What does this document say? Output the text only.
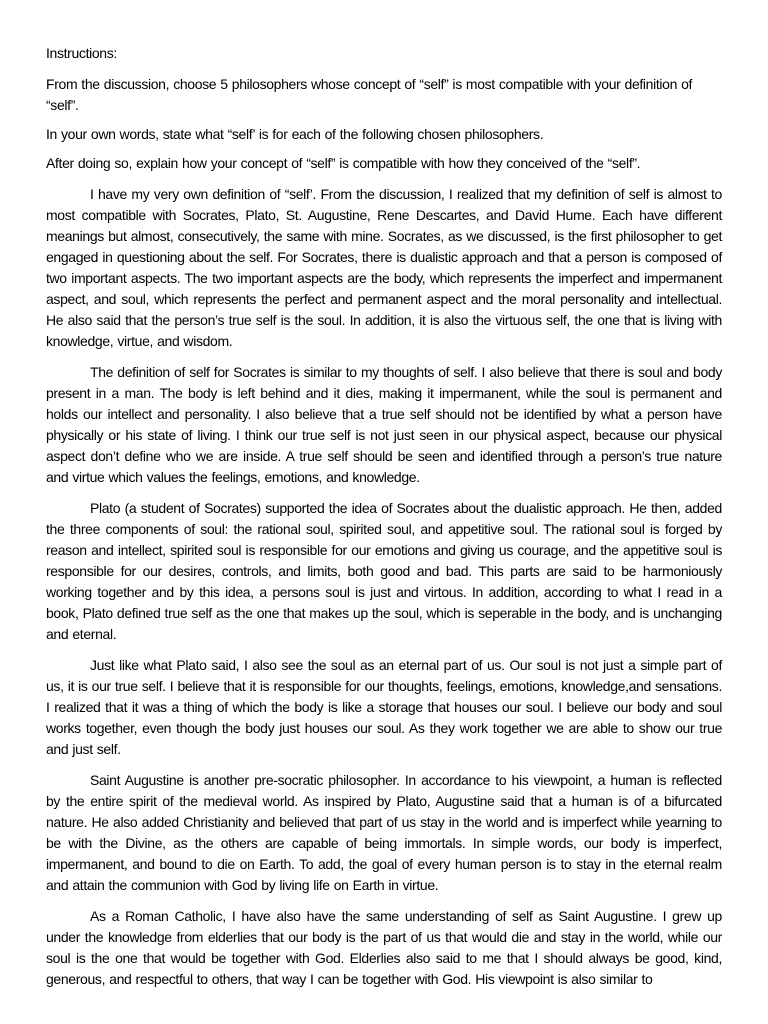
Instructions:

From the discussion, choose 5 philosophers whose concept of “self” is most compatible with your definition of “self”.

In your own words, state what “self’ is for each of the following chosen philosophers.

After doing so, explain how your concept of “self” is compatible with how they conceived of the “self”.

I have my very own definition of “self’. From the discussion, I realized that my definition of self is almost to most compatible with Socrates, Plato, St. Augustine, Rene Descartes, and David Hume. Each have different meanings but almost, consecutively, the same with mine. Socrates, as we discussed, is the first philosopher to get engaged in questioning about the self. For Socrates, there is dualistic approach and that a person is composed of two important aspects. The two important aspects are the body, which represents the imperfect and impermanent aspect, and soul, which represents the perfect and permanent aspect and the moral personality and intellectual. He also said that the person’s true self is the soul. In addition, it is also the virtuous self, the one that is living with knowledge, virtue, and wisdom.

The definition of self for Socrates is similar to my thoughts of self. I also believe that there is soul and body present in a man. The body is left behind and it dies, making it impermanent, while the soul is permanent and holds our intellect and personality. I also believe that a true self should not be identified by what a person have physically or his state of living. I think our true self is not just seen in our physical aspect, because our physical aspect don’t define who we are inside. A true self should be seen and identified through a person’s true nature and virtue which values the feelings, emotions, and knowledge.

Plato (a student of Socrates) supported the idea of Socrates about the dualistic approach. He then, added the three components of soul: the rational soul, spirited soul, and appetitive soul. The rational soul is forged by reason and intellect, spirited soul is responsible for our emotions and giving us courage, and the appetitive soul is responsible for our desires, controls, and limits, both good and bad. This parts are said to be harmoniously working together and by this idea, a persons soul is just and virtous. In addition, according to what I read in a book, Plato defined true self as the one that makes up the soul, which is seperable in the body, and is unchanging and eternal.

Just like what Plato said, I also see the soul as an eternal part of us. Our soul is not just a simple part of us, it is our true self. I believe that it is responsible for our thoughts, feelings, emotions, knowledge,and sensations. I realized that it was a thing of which the body is like a storage that houses our soul. I believe our body and soul works together, even though the body just houses our soul. As they work together we are able to show our true and just self.

Saint Augustine is another pre-socratic philosopher. In accordance to his viewpoint, a human is reflected by the entire spirit of the medieval world. As inspired by Plato, Augustine said that a human is of a bifurcated nature. He also added Christianity and believed that part of us stay in the world and is imperfect while yearning to be with the Divine, as the others are capable of being immortals. In simple words, our body is imperfect, impermanent, and bound to die on Earth. To add, the goal of every human person is to stay in the eternal realm and attain the communion with God by living life on Earth in virtue.

As a Roman Catholic, I have also have the same understanding of self as Saint Augustine. I grew up under the knowledge from elderlies that our body is the part of us that would die and stay in the world, while our soul is the one that would be together with God. Elderlies also said to me that I should always be good, kind, generous, and respectful to others, that way I can be together with God. His viewpoint is also similar to
